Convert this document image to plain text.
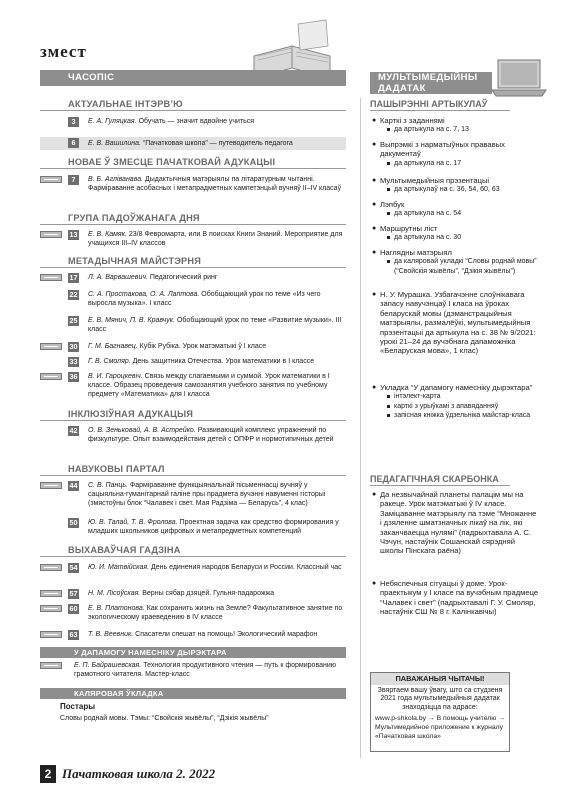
змест
ЧАСОПІС	МУЛЬТЫМЕДЫЙНЫ
ДАДАТАК
АКТУАЛЬНАЕ ІНТЭРВ’Ю
3	Е. А. Гуляцкая. Обучать — значит вдвойне учиться
6	Е. В. Вашилина. “Пачатковая школа” — путеводитель педагога
НОВАЕ Ў ЗМЕСЦЕ ПАЧАТКОВАЙ АДУКАЦЫІ
7	В. Б. Агліванава. Дыдактычныя матэрыялы па літаратурным чытанні. Фарміраванне асобасных і метапрадметных кампетэнцый вучняў ІІ–ІV класаў
ГРУПА ПАДОЎЖАНАГА ДНЯ
13 Е. В. Камяк. 23/8 Февромарта, или В поисках Книги Знаний. Мероприятие для учащихся ІІІ–ІV классов
МЕТАДЫЧНАЯ МАЙСТЭРНЯ
17 Л. А. Варвашевич. Педагогический ринг
22 С. А. Простакова, О. А. Лаптова. Обобщающий урок по теме «Из чего выросла музыка». І класс
25 Е. В. Мянич, П. В. Кравчук. Обобщающий урок по теме «Развитие музыки». ІІІ класс
30 Г. М. Багнавец. Кубік Рубіка. Урок матэматыкі ў І класе
33 Г. В. Смоляр. День защитника Отечества. Урок математики в І классе
36 В. И. Гароцкевіч. Связь между слагаемыми и суммой. Урок математики в І классе. Образец проведения самозанятия учебного занятия по учебному предмету «Математика» для І класса
ІНКЛЮЗІЎНАЯ АДУКАЦЫЯ
42 О. В. Зеньковай, А. В. Астрейко. Развивающий комплекс упражнений по физкультуре. Опыт взаимодействия детей с ОПФР и нормотипичных детей
НАВУКОВЫ ПАРТАЛ
44 С. В. Панць. Фарміраванне функцыянальнай пісьменнасці вучняў у сацыяльна-гуманітарнай галіне пры прадмета вучэнні навуменні гісторыі (змястоўны блок “Чалавек і свет. Мая Радзіма — Беларусь”, 4 клас)
50 Ю. В. Талай, Т. В. Фролова. Проектная задача как средство формирования у младших школьников цифровых и метапредметных компетенций
ВЫХАВАЎЧАЯ ГАДЗІНА
54 Ю. И. Матвійская. День единения народов Беларуси и России. Классный час
57 Н. М. Лісоўская. Верны сябар дзяцей. Гульня-падарожжа
60 Е. В. Платонова. Как сохранить жизнь на Земле? Факультативное занятие по экологическому краеведению в ІV классе
63 Т. В. Веевник. Спасатели спешат на помощь! Экологический марафон
У ДАПАМОГУ НАМЕСНІКУ ДЫРЭКТАРА
Е. П. Байрашевская. Технология продуктивного чтения — путь к формированию грамотного читателя. Мастер-класс
КАЛЯРОВАЯ ЎКЛАДКА
Постары
Словы роднай мовы. Тэмы: “Свойскія жывёлы”, “Дзікія жывёлы”
ПАШЫРЭННІ АРТЫКУЛАЎ
● Карткі з заданнямі
да артыкула на с. 7, 13
● Выпрэмкі з нарматыўных прававых дакументаў
да артыкула на с. 17
● Мультымедыйныя прэзентацыі
да артыкулаў на с. 36, 54, 60, 63
● Лэпбук
да артыкула на с. 54
● Маршрутны ліст
да артыкула на с. 30
● Наглядны матэрыял
да каляровай укладкі “Словы роднай мовы” (“Свойскія жывёлы”, “Дзікія жывёлы”)
● Н. У. Мурашка. Узбагачэнне слоўнікавага запасу навучэнцаў І класа на ўроках беларускай мовы (дэманстрацыйныя матэрыялы, размалёўкі, мультымедыйныя прэзентацыі да артыкула на с. 38 № 9/2021: урокі 21–24 да вучэбнага дапаможніка «Беларуская мова», 1 клас)
● Укладка “У дапамогу намесніку дырэктара”
інтэлект-карта
карткі з урыўкамі з апавяданняў
запісная кніжка ўдзельніка майстар-класа
ПЕДАГАГІЧНАЯ СКАРБОНКА
● Да незвычайнай планеты палацім мы на ракеце. Урок матэматыкі ў ІV класе. Заміцаванне матэрыялу па тэме “Множанне і дзяленне шматзначных лікаў на лік, які заканчваецца нулямі” (падрыхтавала А. С. Чэчун, настаўнік Сошанскай сярэдняй школы Пінскага раёна)
● Небяспечныя сітуацыі ў доме. Урок-праектыкум у І класе па вучэбным прадмеце “Чалавек і свет” (падрыхтавалі Г. У. Смоляр, настаўнік СШ № 8 г. Калінкавічы)
ПАВАЖАНЫЯ ЧЫТАЧЫ!
Звяртаем вашу ўвагу, што са студзеня 2021 года мультымедыйныя дадатак знаходзіцца па адрасе:
www.p-shkola.by → В помощь учителю → Мультимедийное приложение к журналу «Пачатковая школа»
2 Пачатковая школа 2. 2022
